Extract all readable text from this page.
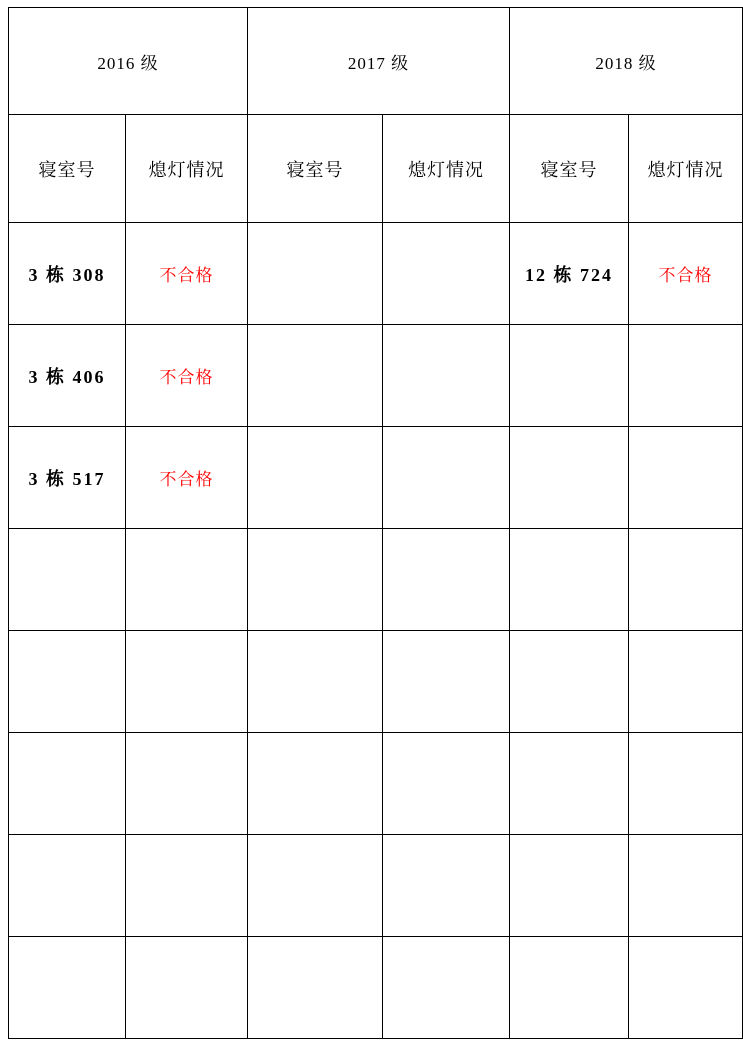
2016 级		2017 级		2018 级	
寝室号	熄灯情况	寝室号	熄灯情况	寝室号	熄灯情况
3 栋 308	不合格			12 栋 724	不合格
3 栋 406	不合格				
3 栋 517	不合格				
